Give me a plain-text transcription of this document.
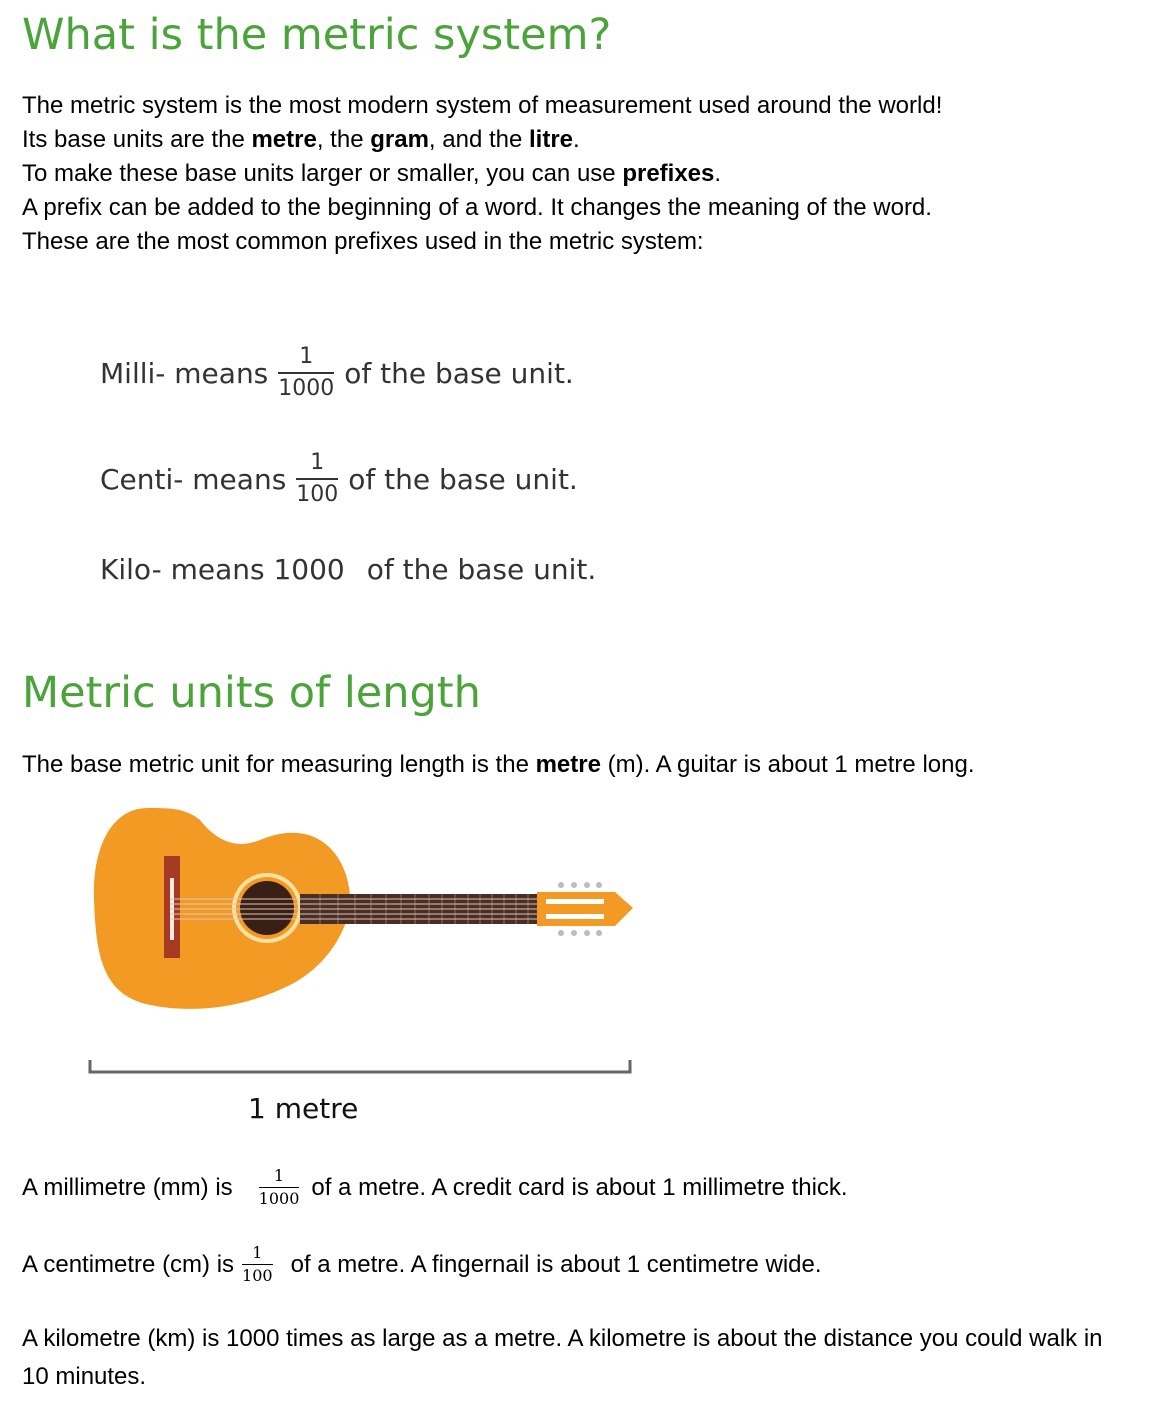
What is the metric system?
The metric system is the most modern system of measurement used around the world!
Its base units are the metre, the gram, and the litre.
To make these base units larger or smaller, you can use prefixes.
A prefix can be added to the beginning of a word. It changes the meaning of the word.
These are the most common prefixes used in the metric system:
Milli- means $\frac{1}{1000}$ of the base unit.
Centi- means $\frac{1}{100}$ of the base unit.
Kilo- means 1000 of the base unit.
Metric units of length
The base metric unit for measuring length is the metre (m). A guitar is about 1 metre long.
1 metre
A millimetre (mm) is $\frac{1}{1000}$ of a metre. A credit card is about 1 millimetre thick.
A centimetre (cm) is $\frac{1}{100}$ of a metre. A fingernail is about 1 centimetre wide.
A kilometre (km) is 1000 times as large as a metre. A kilometre is about the distance you could walk in
10 minutes.
